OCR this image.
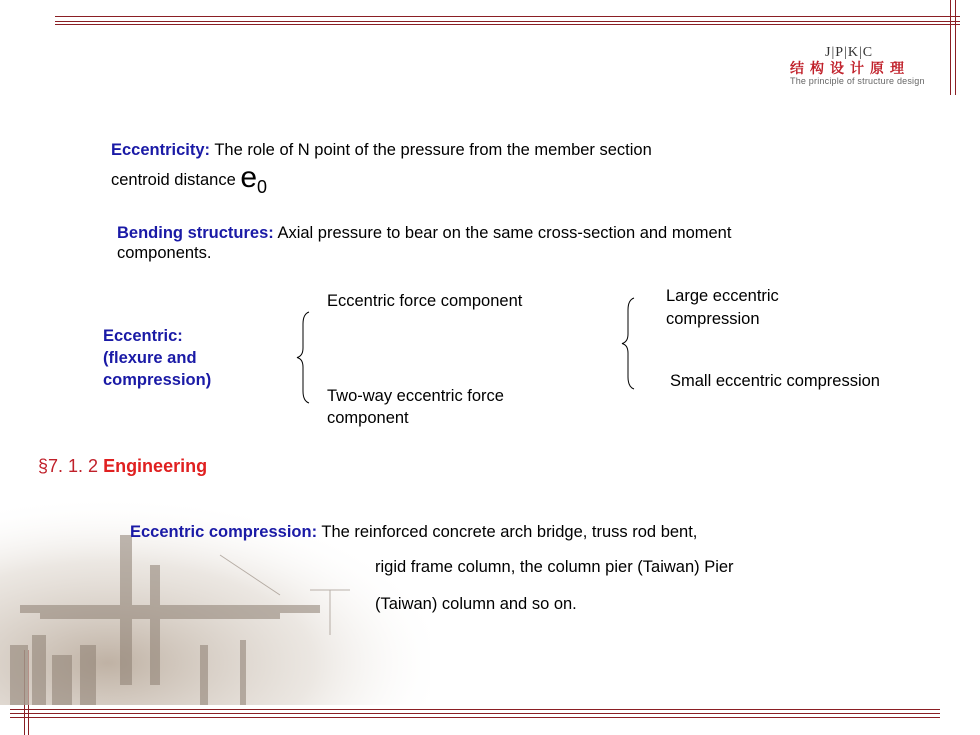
J|P|K|C
结构设计原理
The principle of structure design
Eccentricity: The role of N point of the pressure from the member section
centroid distance $e_0$
Bending structures: Axial pressure to bear on the same cross-section and moment
components.
Eccentric:
(flexure and
compression)
Eccentric force component
Two-way eccentric force
component
Large eccentric
compression
Small eccentric compression
§7. 1. 2 Engineering
Eccentric compression: The reinforced concrete arch bridge, truss rod bent,
rigid frame column, the column pier (Taiwan) Pier
(Taiwan) column and so on.
